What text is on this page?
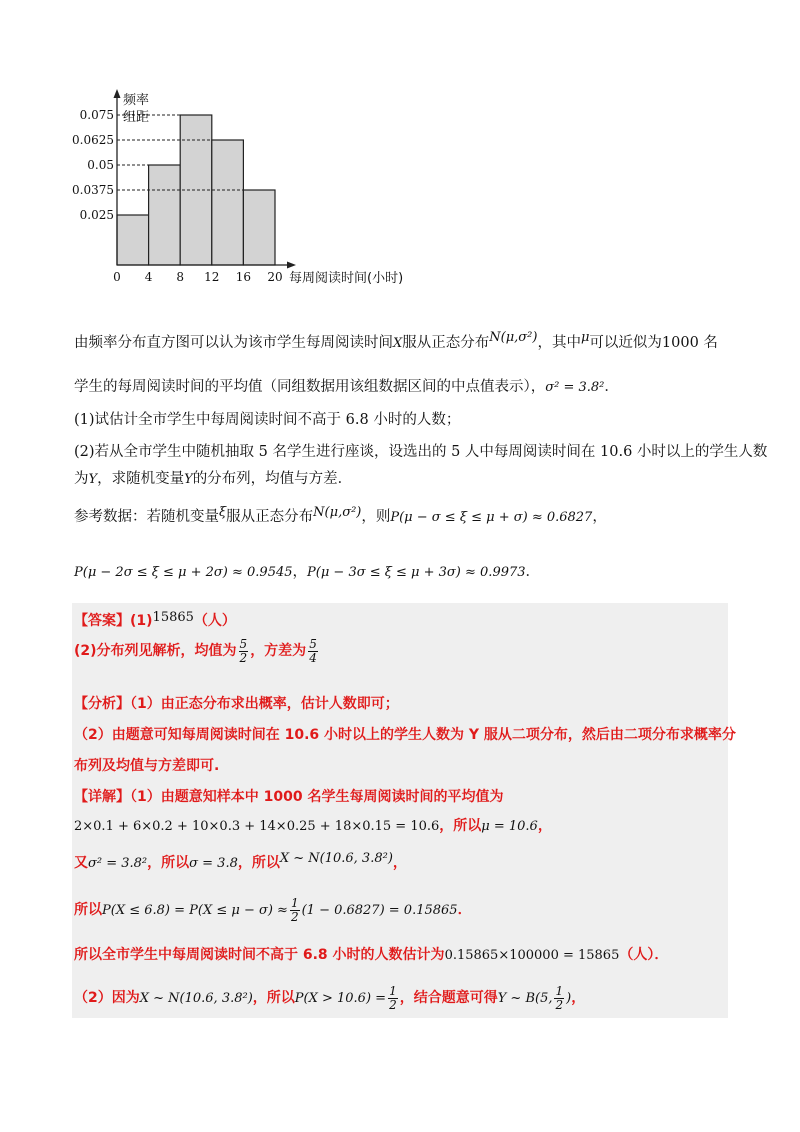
频率
组距
0.025
0.0375
0.05
0.0625
0.075
0 4 8 12 16 20 每周阅读时间(小时)
由频率分布直方图可以认为该市学生每周阅读时间X服从正态分布N(μ,σ²)，其中μ可以近似为1000 名
学生的每周阅读时间的平均值（同组数据用该组数据区间的中点值表示），σ² = 3.8²．
(1)试估计全市学生中每周阅读时间不高于 6.8 小时的人数；
(2)若从全市学生中随机抽取 5 名学生进行座谈，设选出的 5 人中每周阅读时间在 10.6 小时以上的学生人数
为Y，求随机变量Y的分布列，均值与方差．
参考数据：若随机变量ξ服从正态分布N(μ,σ²)，则P(μ − σ ≤ ξ ≤ μ + σ) ≈ 0.6827，
P(μ − 2σ ≤ ξ ≤ μ + 2σ) ≈ 0.9545，P(μ − 3σ ≤ ξ ≤ μ + 3σ) ≈ 0.9973．
【答案】(1)15865（人）
(2)分布列见解析，均值为 $\frac{5}{2}$ ，方差为 $\frac{5}{4}$
【分析】（1）由正态分布求出概率，估计人数即可；
（2）由题意可知每周阅读时间在 10.6 小时以上的学生人数为 Y 服从二项分布，然后由二项分布求概率分
布列及均值与方差即可.
【详解】（1）由题意知样本中 1000 名学生每周阅读时间的平均值为
2×0.1 + 6×0.2 + 10×0.3 + 14×0.25 + 18×0.15 = 10.6，所以μ = 10.6，
又σ² = 3.8²，所以σ = 3.8，所以X ~ N(10.6, 3.8²)，
所以$P(X \le 6.8) = P(X \le \mu - \sigma) \approx \frac{1}{2} (1 - 0.6827) = 0.15865$．
所以全市学生中每周阅读时间不高于 6.8 小时的人数估计为0.15865×100000 = 15865（人）．
（2）因为X ~ N(10.6, 3.8²)，所以$P(X > 10.6) = \frac{1}{2}$ ，结合题意可得Y ~ B(5, $\frac{1}{2}$ )，
